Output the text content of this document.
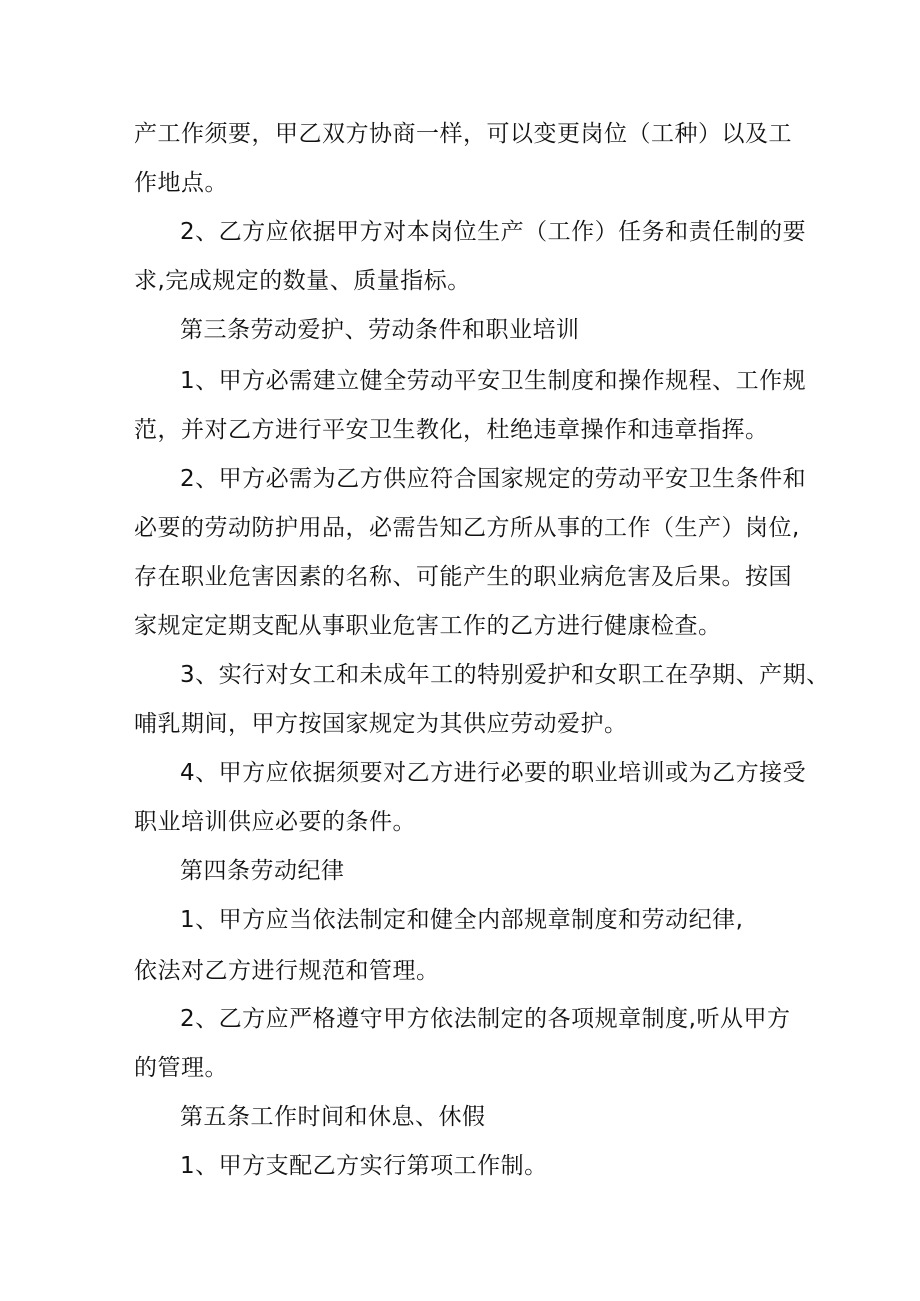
产工作须要，甲乙双方协商一样，可以变更岗位（工种）以及工
作地点。
2、乙方应依据甲方对本岗位生产（工作）任务和责任制的要
求,完成规定的数量、质量指标。
第三条劳动爱护、劳动条件和职业培训
1、甲方必需建立健全劳动平安卫生制度和操作规程、工作规
范，并对乙方进行平安卫生教化，杜绝违章操作和违章指挥。
2、甲方必需为乙方供应符合国家规定的劳动平安卫生条件和
必要的劳动防护用品，必需告知乙方所从事的工作（生产）岗位,
存在职业危害因素的名称、可能产生的职业病危害及后果。按国
家规定定期支配从事职业危害工作的乙方进行健康检查。
3、实行对女工和未成年工的特别爱护和女职工在孕期、产期、
哺乳期间，甲方按国家规定为其供应劳动爱护。
4、甲方应依据须要对乙方进行必要的职业培训或为乙方接受
职业培训供应必要的条件。
第四条劳动纪律
1、甲方应当依法制定和健全内部规章制度和劳动纪律,
依法对乙方进行规范和管理。
2、乙方应严格遵守甲方依法制定的各项规章制度,听从甲方
的管理。
第五条工作时间和休息、休假
1、甲方支配乙方实行第项工作制。
